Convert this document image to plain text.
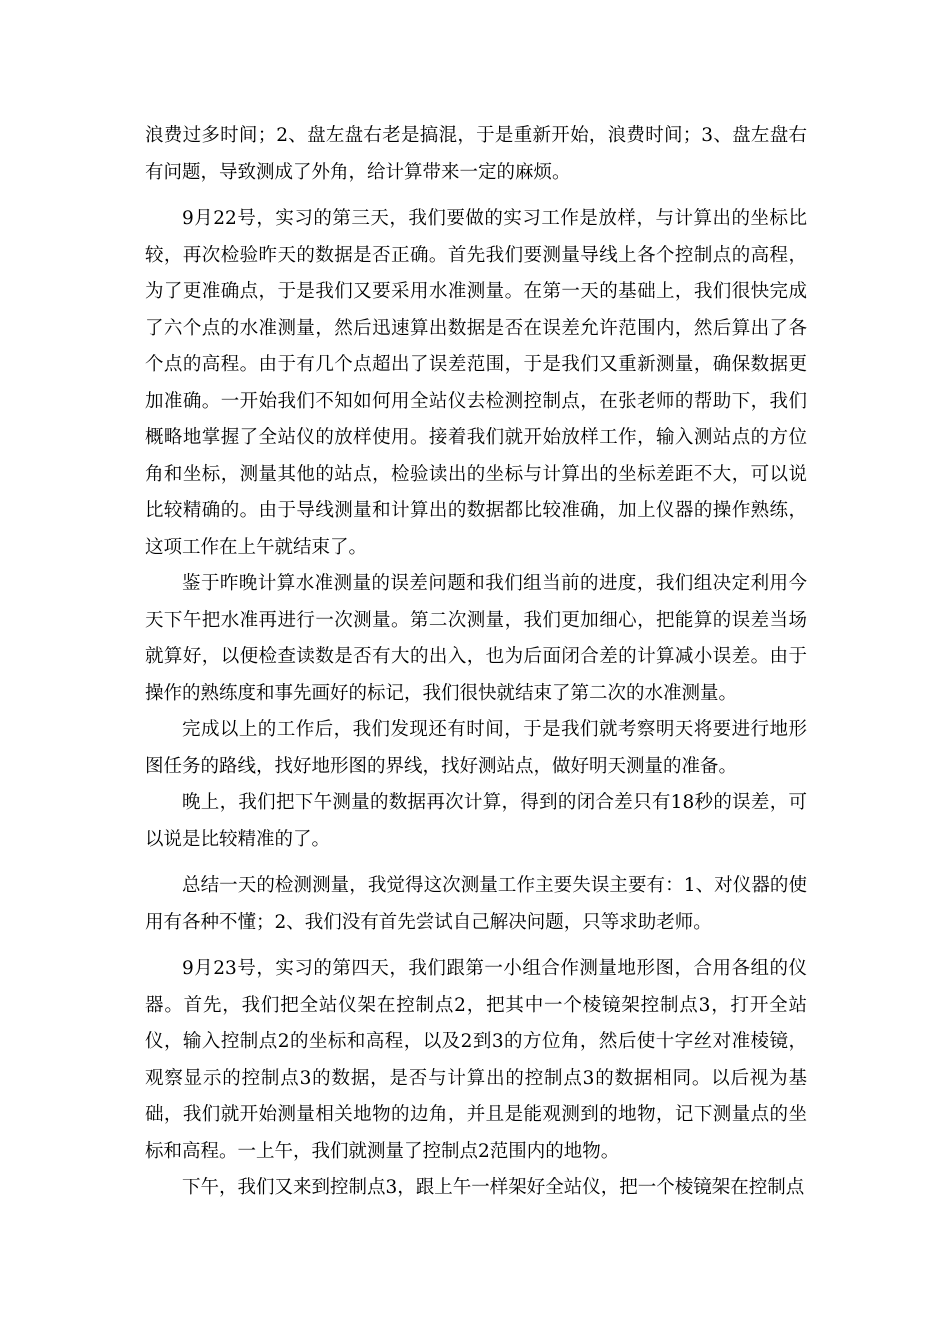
浪费过多时间；2、盘左盘右老是搞混，于是重新开始，浪费时间；3、盘左盘右有问题，导致测成了外角，给计算带来一定的麻烦。

9月22号，实习的第三天，我们要做的实习工作是放样，与计算出的坐标比较，再次检验昨天的数据是否正确。首先我们要测量导线上各个控制点的高程，为了更准确点，于是我们又要采用水准测量。在第一天的基础上，我们很快完成了六个点的水准测量，然后迅速算出数据是否在误差允许范围内，然后算出了各个点的高程。由于有几个点超出了误差范围，于是我们又重新测量，确保数据更加准确。一开始我们不知如何用全站仪去检测控制点，在张老师的帮助下，我们概略地掌握了全站仪的放样使用。接着我们就开始放样工作，输入测站点的方位角和坐标，测量其他的站点，检验读出的坐标与计算出的坐标差距不大，可以说比较精确的。由于导线测量和计算出的数据都比较准确，加上仪器的操作熟练，这项工作在上午就结束了。

鉴于昨晚计算水准测量的误差问题和我们组当前的进度，我们组决定利用今天下午把水准再进行一次测量。第二次测量，我们更加细心，把能算的误差当场就算好，以便检查读数是否有大的出入，也为后面闭合差的计算减小误差。由于操作的熟练度和事先画好的标记，我们很快就结束了第二次的水准测量。

完成以上的工作后，我们发现还有时间，于是我们就考察明天将要进行地形图任务的路线，找好地形图的界线，找好测站点，做好明天测量的准备。

晚上，我们把下午测量的数据再次计算，得到的闭合差只有18秒的误差，可以说是比较精准的了。

总结一天的检测测量，我觉得这次测量工作主要失误主要有：1、对仪器的使用有各种不懂；2、我们没有首先尝试自己解决问题，只等求助老师。

9月23号，实习的第四天，我们跟第一小组合作测量地形图，合用各组的仪器。首先，我们把全站仪架在控制点2，把其中一个棱镜架控制点3，打开全站仪，输入控制点2的坐标和高程，以及2到3的方位角，然后使十字丝对准棱镜，观察显示的控制点3的数据，是否与计算出的控制点3的数据相同。以后视为基础，我们就开始测量相关地物的边角，并且是能观测到的地物，记下测量点的坐标和高程。一上午，我们就测量了控制点2范围内的地物。

下午，我们又来到控制点3，跟上午一样架好全站仪，把一个棱镜架在控制点
